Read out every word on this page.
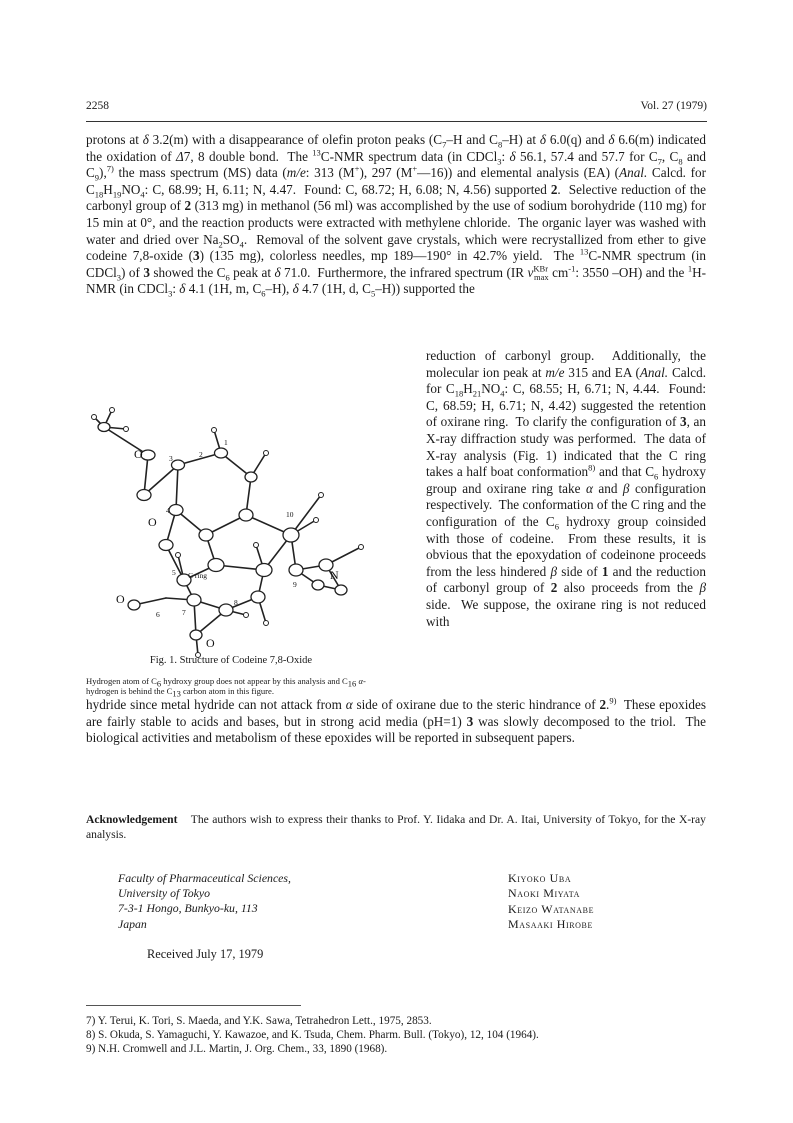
2258	Vol. 27 (1979)

protons at δ 3.2(m) with a disappearance of olefin proton peaks ($C_7-H$ and $C_8-H$) at δ 6.0(q) and δ 6.6(m) indicated the oxidation of Δ7, 8 double bond.  The $^{13}$C-NMR spectrum data (in CDCl$_3$: δ 56.1, 57.4 and 57.7 for $C_7$, $C_8$ and $C_9),^{7)}$ the mass spectrum (MS) data (m/e: 313 (M+), 297 (M+—16)) and elemental analysis (EA) (Anal. Calcd. for $C_{18}H_{19}NO_4$: C, 68.99; H, 6.11; N, 4.47.  Found: C, 68.72; H, 6.08; N, 4.56) supported 2.  Selective reduction of the carbonyl group of 2 (313 mg) in methanol (56 ml) was accomplished by the use of sodium borohydride (110 mg) for 15 min at 0°, and the reaction products were extracted with methylene chloride.  The organic layer was washed with water and dried over $Na_2SO_4$.  Removal of the solvent gave crystals, which were recrystallized from ether to give codeine 7,8-oxide (3) (135 mg), colorless needles, mp 189—190° in 42.7% yield.  The $^{13}$C-NMR spectrum (in CDCl$_3$) of 3 showed the $C_6$ peak at δ 71.0.  Furthermore, the infrared spectrum (IR $\nu^{KBr}_{max}$ $cm^{-1}$: 3550 –OH) and the $^1$H-NMR (in CDCl$_3$: δ 4.1 (1H, m, $C_6-H$), δ 4.7 (1H, d, $C_5-H$)) supported the

O
O
O
O
N
C ring
1
2
3
4
5
6	7
8
9
10
Fig. 1. Structure of Codeine 7,8-Oxide
Hydrogen atom of $C_6$ hydroxy group does not appear by this analysis and $C_{16}$ α-hydrogen is behind the $C_{13}$ carbon atom in this figure.
reduction of carbonyl group.  Additionally, the molecular ion peak at m/e 315 and EA (Anal. Calcd. for $C_{18}H_{21}NO_4$: C, 68.55; H, 6.71; N, 4.44.  Found: C, 68.59; H, 6.71; N, 4.42) suggested the retention of oxirane ring.  To clarify the configuration of 3, an X-ray diffraction study was performed.  The data of X-ray analysis (Fig. 1) indicated that the C ring takes a half boat conformation$^{8)}$ and that $C_6$ hydroxy group and oxirane ring take α and β configuration respectively.  The conformation of the C ring and the configuration of the $C_6$ hydroxy group coinsided with those of codeine.  From these results, it is obvious that the epoxydation of codeinone proceeds from the less hindered β side of 1 and the reduction of carbonyl group of 2 also proceeds from the β side.  We suppose, the oxirane ring is not reduced with
hydride since metal hydride can not attack from α side of oxirane due to the steric hindrance of 2.$^{9)}$  These epoxides are fairly stable to acids and bases, but in strong acid media (pH=1) 3 was slowly decomposed to the triol.  The biological activities and metabolism of these epoxides will be reported in subsequent papers.
Acknowledgement The authors wish to express their thanks to Prof. Y. Iidaka and Dr. A. Itai, University of Tokyo, for the X-ray analysis.
Faculty of Pharmaceutical Sciences,
University of Tokyo
7-3-1 Hongo, Bunkyo-ku, 113
Japan
Kiyoko Uba
Naoki Miyata
Keizo Watanabe
Masaaki Hirobe
Received July 17, 1979
7) Y. Terui, K. Tori, S. Maeda, and Y.K. Sawa, Tetrahedron Lett., 1975, 2853.
8) S. Okuda, S. Yamaguchi, Y. Kawazoe, and K. Tsuda, Chem. Pharm. Bull. (Tokyo), 12, 104 (1964).
9) N.H. Cromwell and J.L. Martin, J. Org. Chem., 33, 1890 (1968).
